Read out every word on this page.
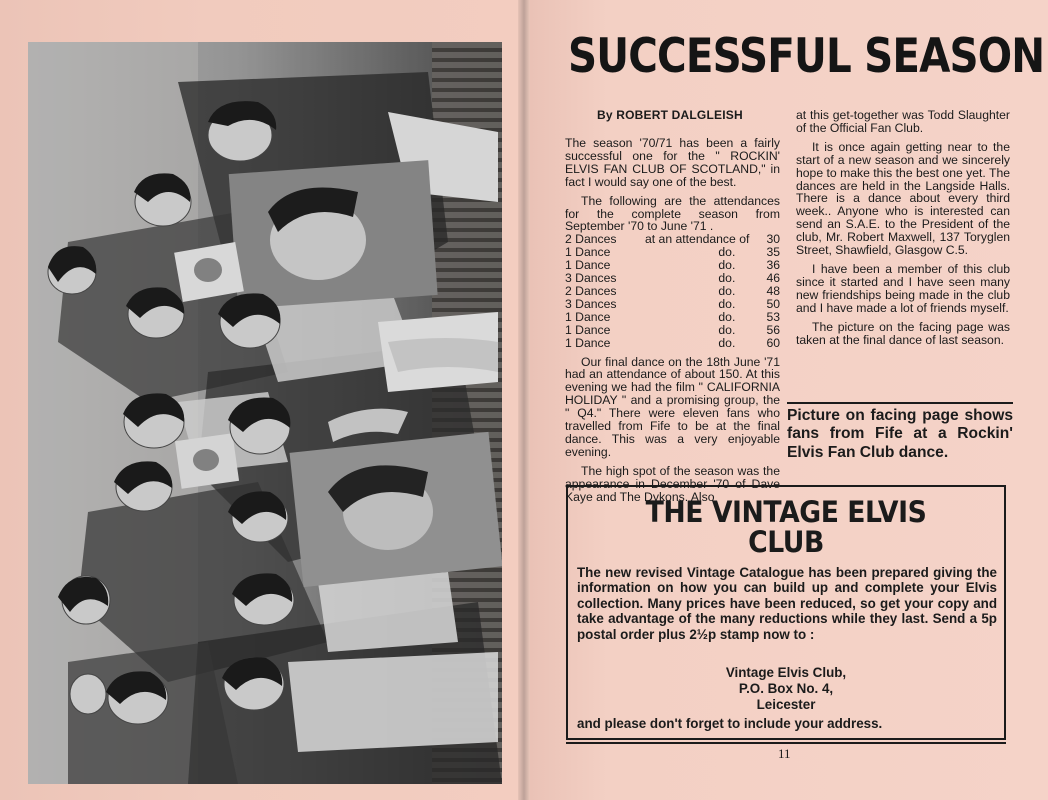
SUCCESSFUL SEASON
By ROBERT DALGLEISH

The season '70/71 has been a fairly successful one for the " ROCKIN' ELVIS FAN CLUB OF SCOTLAND," in fact I would say one of the best.

The following are the attendances for the complete season from September '70 to June '71 .

2 Dances	at an attendance of	30
1 Dance	do.	35
1 Dance	do.	36
3 Dances	do.	46
2 Dances	do.	48
3 Dances	do.	50
1 Dance	do.	53
1 Dance	do.	56
1 Dance	do.	60

Our final dance on the 18th June '71 had an attendance of about 150. At this evening we had the film " CALIFORNIA HOLIDAY " and a promising group, the " Q4." There were eleven fans who travelled from Fife to be at the final dance. This was a very enjoyable evening.

The high spot of the season was the appearance in December '70 of Dave Kaye and The Dykons. Also

at this get-together was Todd Slaughter of the Official Fan Club.

It is once again getting near to the start of a new season and we sincerely hope to make this the best one yet. The dances are held in the Langside Halls. There is a dance about every third week.. Anyone who is interested can send an S.A.E. to the President of the club, Mr. Robert Maxwell, 137 Toryglen Street, Shawfield, Glasgow C.5.

I have been a member of this club since it started and I have seen many new friendships being made in the club and I have made a lot of friends myself.

The picture on the facing page was taken at the final dance of last season.

Picture on facing page shows fans from Fife at a Rockin' Elvis Fan Club dance.
THE VINTAGE ELVIS
CLUB
The new revised Vintage Catalogue has been prepared giving the information on how you can build up and complete your Elvis collection. Many prices have been reduced, so get your copy and take advantage of the many reductions while they last. Send a 5p postal order plus 2½p stamp now to :
Vintage Elvis Club,
P.O. Box No. 4,
Leicester
and please don't forget to include your address.
11
